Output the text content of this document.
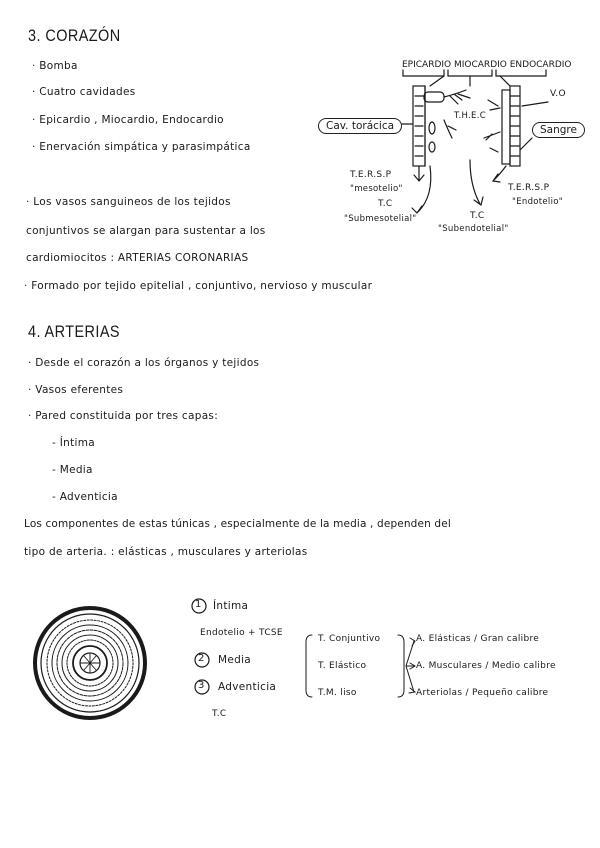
3. CORAZÓN
· Bomba
· Cuatro cavidades
· Epicardio , Miocardio, Endocardio
· Enervación simpática y parasimpática
· Los vasos sanguineos de los tejidos
conjuntivos se alargan para sustentar a los
cardiomiocitos : ARTERIAS CORONARIAS
· Formado por tejido epitelial , conjuntivo, nervioso y muscular
EPICARDIO MIOCARDIO ENDOCARDIO
Cav. torácica	Sangre
V.O
T.H.E.C
T.E.R.S.P
"mesotelio"
T.C
"Submesotelial"	T.C
"Subendotelial"
T.E.R.S.P
"Endotelio"
4. ARTERIAS
· Desde el corazón a los órganos y tejidos
· Vasos eferentes
· Pared constituida por tres capas:
- Íntima
- Media
- Adventicia
Los componentes de estas túnicas , especialmente de la media , dependen del
tipo de arteria. : elásticas , musculares y arteriolas
1 Íntima
Endotelio + TCSE
2 Media
3 Adventicia
T.C
T. Conjuntivo
T. Elástico
T.M. liso
A. Elásticas / Gran calibre
A. Musculares / Medio calibre
Arteriolas / Pequeño calibre
